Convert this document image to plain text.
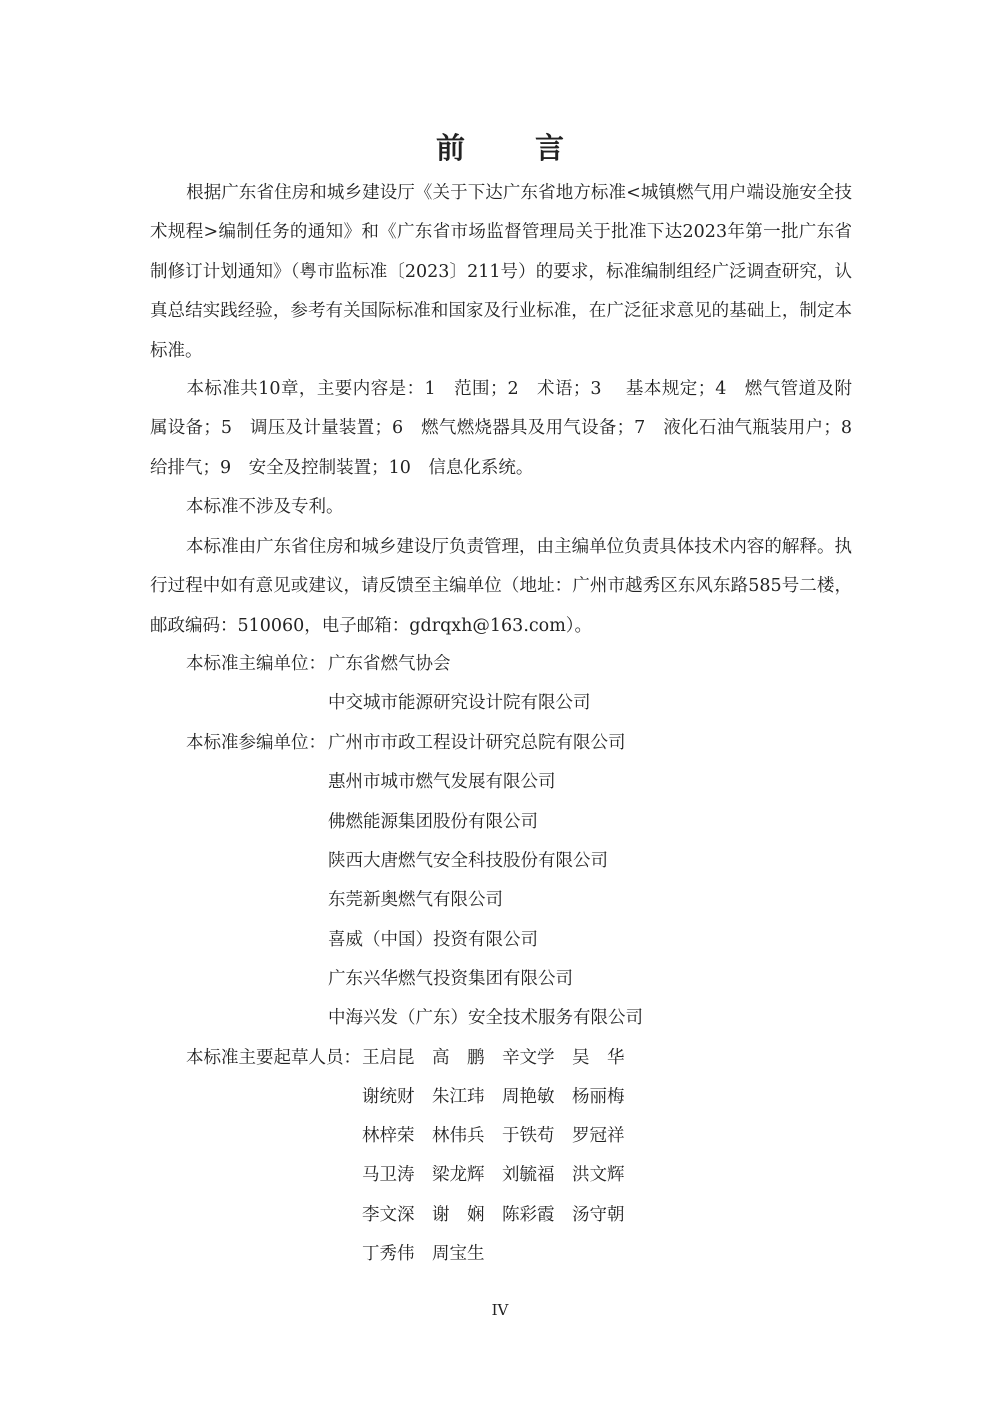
前 言

根据广东省住房和城乡建设厅《关于下达广东省地方标准<城镇燃气用户端设施安全技术规程>编制任务的通知》和《广东省市场监督管理局关于批准下达2023年第一批广东省制修订计划通知》（粤市监标准〔2023〕211号）的要求，标准编制组经广泛调查研究，认真总结实践经验，参考有关国际标准和国家及行业标准，在广泛征求意见的基础上，制定本标准。

本标准共10章，主要内容是：1　范围；2　术语；3　 基本规定；4　燃气管道及附属设备；5　调压及计量装置；6　燃气燃烧器具及用气设备；7　液化石油气瓶装用户；8　给排气；9　安全及控制装置；10　信息化系统。

本标准不涉及专利。

本标准由广东省住房和城乡建设厅负责管理，由主编单位负责具体技术内容的解释。执行过程中如有意见或建议，请反馈至主编单位（地址：广州市越秀区东风东路585号二楼，邮政编码：510060，电子邮箱：gdrqxh@163.com）。

本标准主编单位： 广东省燃气协会
中交城市能源研究设计院有限公司
本标准参编单位： 广州市市政工程设计研究总院有限公司
惠州市城市燃气发展有限公司
佛燃能源集团股份有限公司
陕西大唐燃气安全科技股份有限公司
东莞新奥燃气有限公司
喜威（中国）投资有限公司
广东兴华燃气投资集团有限公司
中海兴发（广东）安全技术服务有限公司
本标准主要起草人员： 王启昆 高　鹏 辛文学 吴　华
谢统财 朱江玮 周艳敏 杨丽梅
林梓荣 林伟兵 于铁苟 罗冠祥
马卫涛 梁龙辉 刘毓福 洪文辉
李文深 谢　娴 陈彩霞 汤守朝
丁秀伟 周宝生
IV
